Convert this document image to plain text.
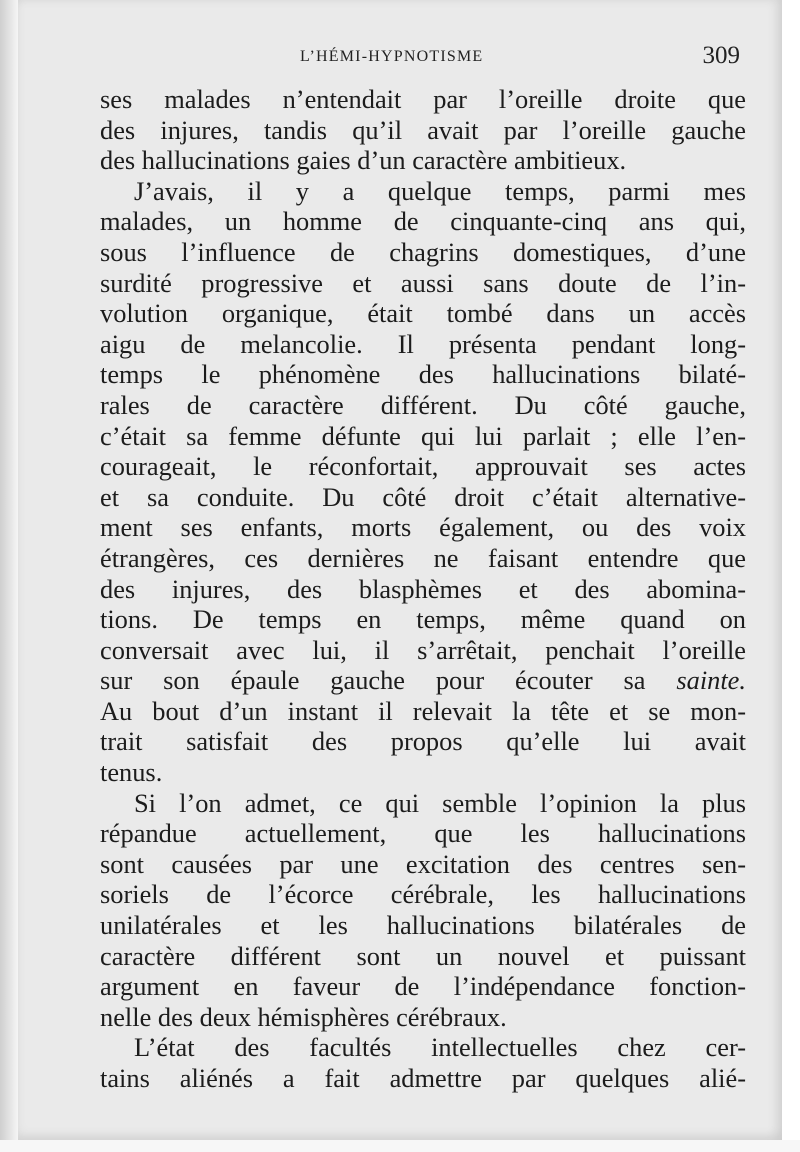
L’HÉMI-HYPNOTISME	309
ses malades n’entendait par l’oreille droite que
des injures, tandis qu’il avait par l’oreille gauche
des hallucinations gaies d’un caractère ambitieux.
J’avais, il y a quelque temps, parmi mes
malades, un homme de cinquante-cinq ans qui,
sous l’influence de chagrins domestiques, d’une
surdité progressive et aussi sans doute de l’in-
volution organique, était tombé dans un accès
aigu de melancolie. Il présenta pendant long-
temps le phénomène des hallucinations bilaté-
rales de caractère différent. Du côté gauche,
c’était sa femme défunte qui lui parlait ; elle l’en-
courageait, le réconfortait, approuvait ses actes
et sa conduite. Du côté droit c’était alternative-
ment ses enfants, morts également, ou des voix
étrangères, ces dernières ne faisant entendre que
des injures, des blasphèmes et des abomina-
tions. De temps en temps, même quand on
conversait avec lui, il s’arrêtait, penchait l’oreille
sur son épaule gauche pour écouter sa sainte.
Au bout d’un instant il relevait la tête et se mon-
trait satisfait des propos qu’elle lui avait
tenus.
Si l’on admet, ce qui semble l’opinion la plus
répandue actuellement, que les hallucinations
sont causées par une excitation des centres sen-
soriels de l’écorce cérébrale, les hallucinations
unilatérales et les hallucinations bilatérales de
caractère différent sont un nouvel et puissant
argument en faveur de l’indépendance fonction-
nelle des deux hémisphères cérébraux.
L’état des facultés intellectuelles chez cer-
tains aliénés a fait admettre par quelques alié-
